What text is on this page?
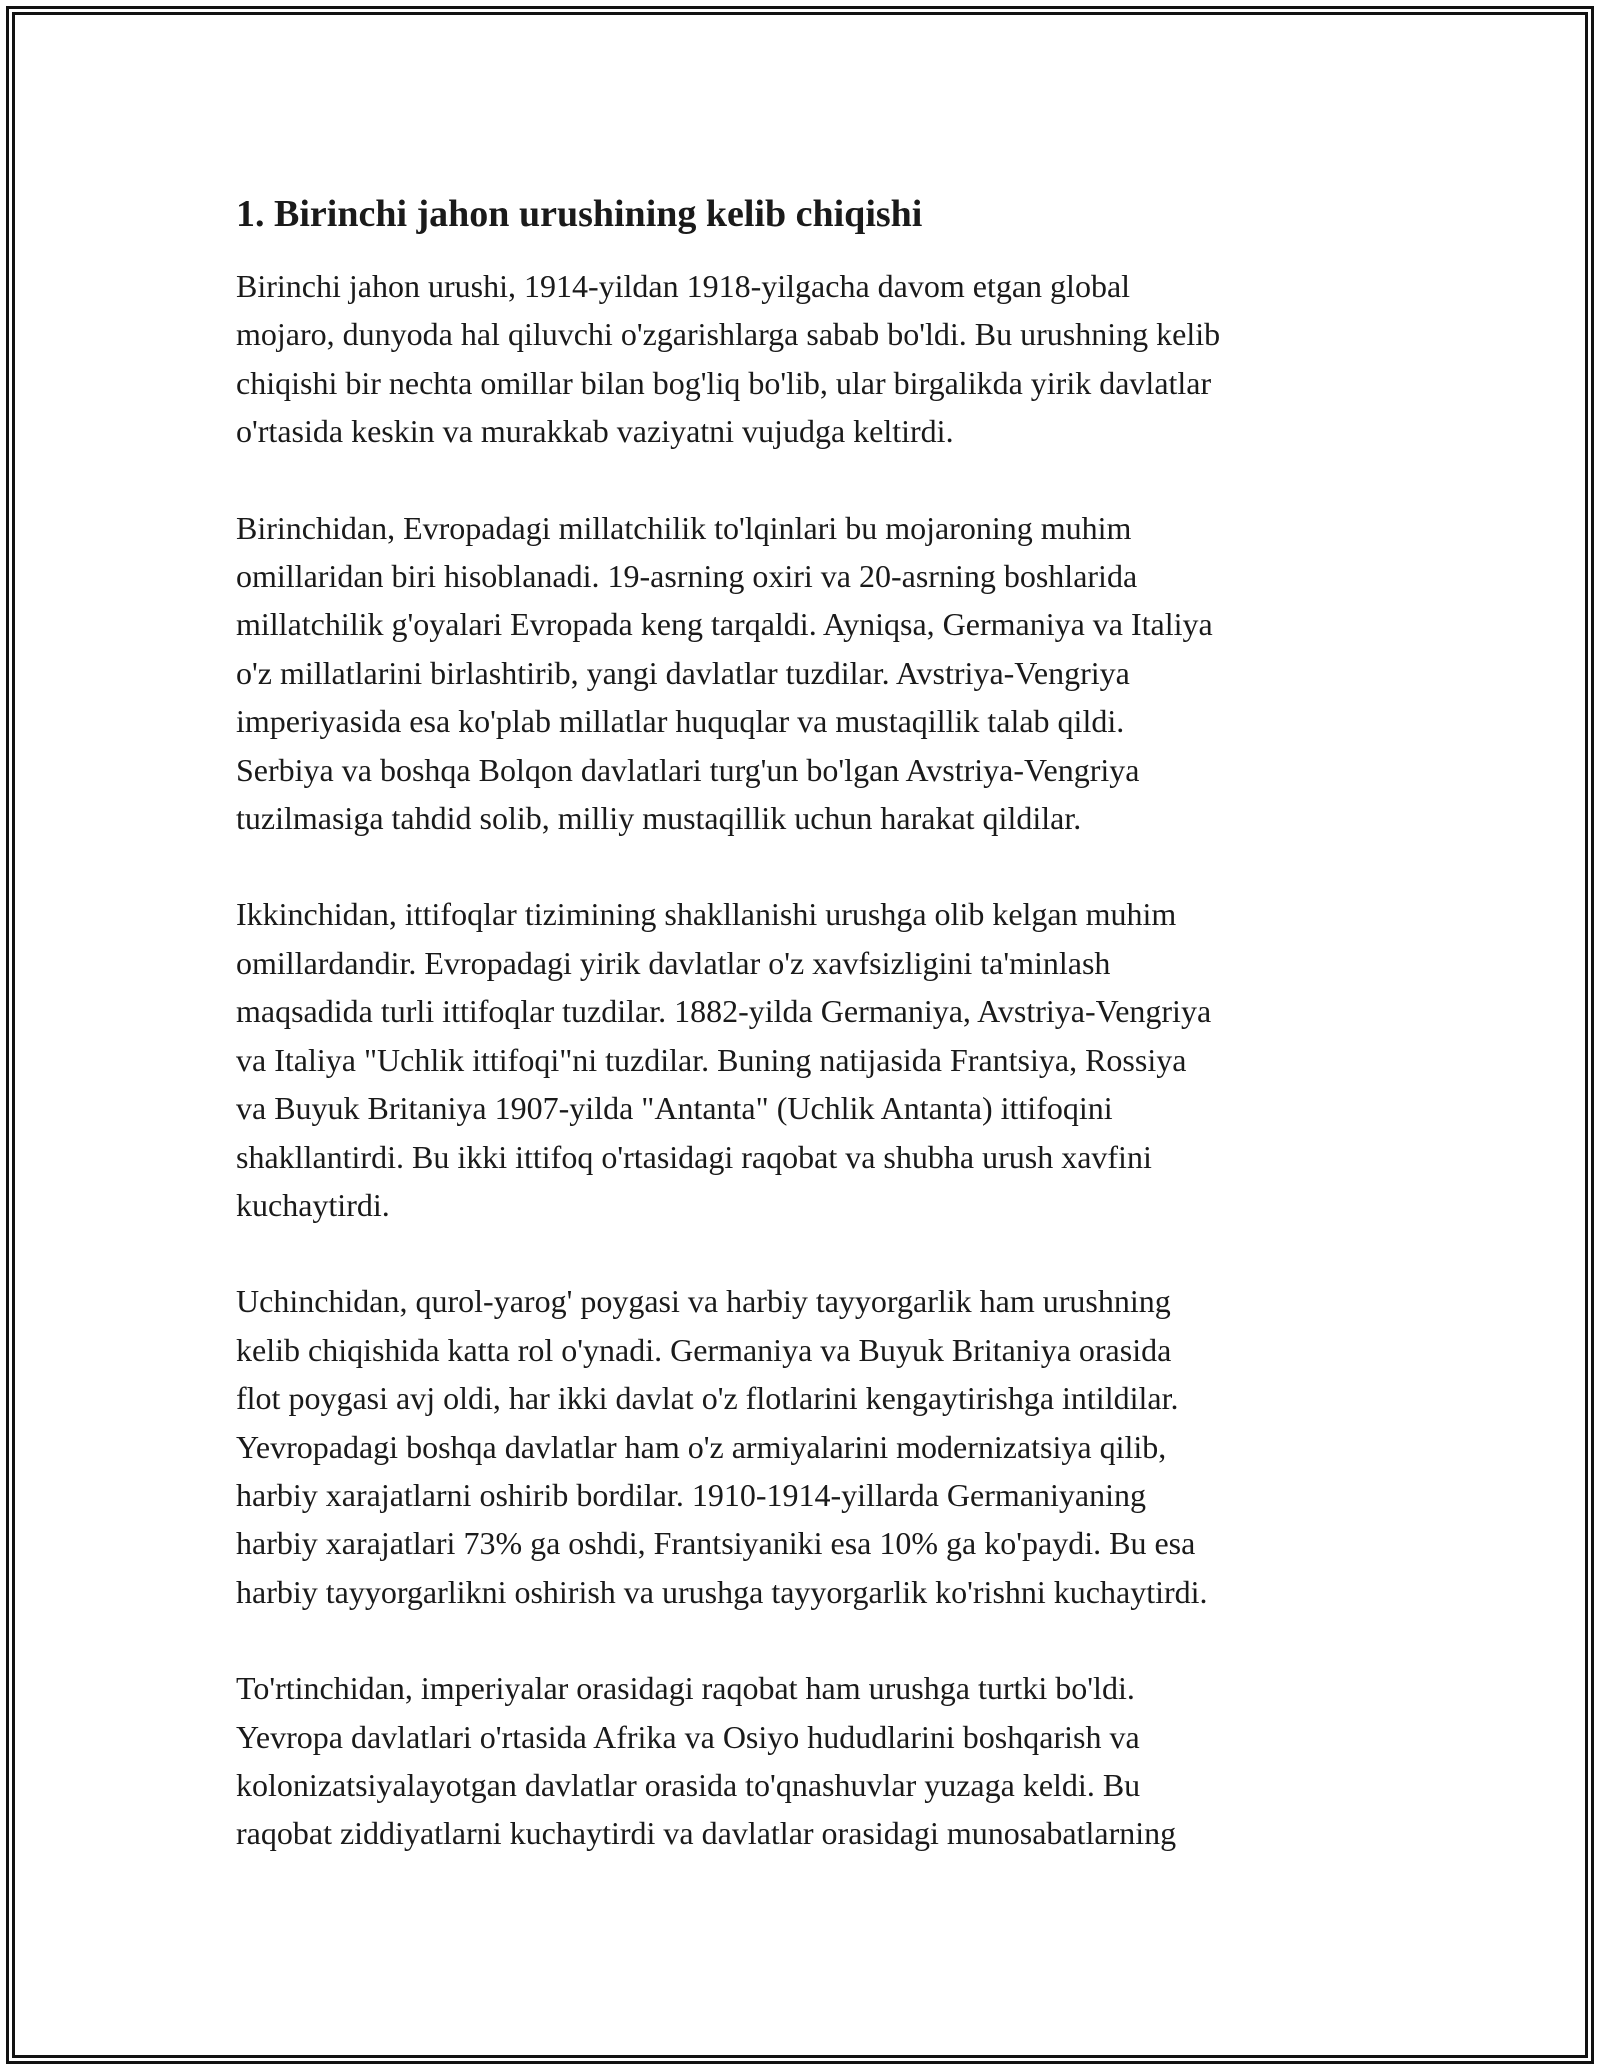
1. Birinchi jahon urushining kelib chiqishi

Birinchi jahon urushi, 1914-yildan 1918-yilgacha davom etgan global
mojaro, dunyoda hal qiluvchi o'zgarishlarga sabab bo'ldi. Bu urushning kelib
chiqishi bir nechta omillar bilan bog'liq bo'lib, ular birgalikda yirik davlatlar
o'rtasida keskin va murakkab vaziyatni vujudga keltirdi.

Birinchidan, Evropadagi millatchilik to'lqinlari bu mojaroning muhim
omillaridan biri hisoblanadi. 19-asrning oxiri va 20-asrning boshlarida
millatchilik g'oyalari Evropada keng tarqaldi. Ayniqsa, Germaniya va Italiya
o'z millatlarini birlashtirib, yangi davlatlar tuzdilar. Avstriya-Vengriya
imperiyasida esa ko'plab millatlar huquqlar va mustaqillik talab qildi.
Serbiya va boshqa Bolqon davlatlari turg'un bo'lgan Avstriya-Vengriya
tuzilmasiga tahdid solib, milliy mustaqillik uchun harakat qildilar.

Ikkinchidan, ittifoqlar tizimining shakllanishi urushga olib kelgan muhim
omillardandir. Evropadagi yirik davlatlar o'z xavfsizligini ta'minlash
maqsadida turli ittifoqlar tuzdilar. 1882-yilda Germaniya, Avstriya-Vengriya
va Italiya "Uchlik ittifoqi"ni tuzdilar. Buning natijasida Frantsiya, Rossiya
va Buyuk Britaniya 1907-yilda "Antanta" (Uchlik Antanta) ittifoqini
shakllantirdi. Bu ikki ittifoq o'rtasidagi raqobat va shubha urush xavfini
kuchaytirdi.

Uchinchidan, qurol-yarog' poygasi va harbiy tayyorgarlik ham urushning
kelib chiqishida katta rol o'ynadi. Germaniya va Buyuk Britaniya orasida
flot poygasi avj oldi, har ikki davlat o'z flotlarini kengaytirishga intildilar.
Yevropadagi boshqa davlatlar ham o'z armiyalarini modernizatsiya qilib,
harbiy xarajatlarni oshirib bordilar. 1910-1914-yillarda Germaniyaning
harbiy xarajatlari 73% ga oshdi, Frantsiyaniki esa 10% ga ko'paydi. Bu esa
harbiy tayyorgarlikni oshirish va urushga tayyorgarlik ko'rishni kuchaytirdi.

To'rtinchidan, imperiyalar orasidagi raqobat ham urushga turtki bo'ldi.
Yevropa davlatlari o'rtasida Afrika va Osiyo hududlarini boshqarish va
kolonizatsiyalayotgan davlatlar orasida to'qnashuvlar yuzaga keldi. Bu
raqobat ziddiyatlarni kuchaytirdi va davlatlar orasidagi munosabatlarning
